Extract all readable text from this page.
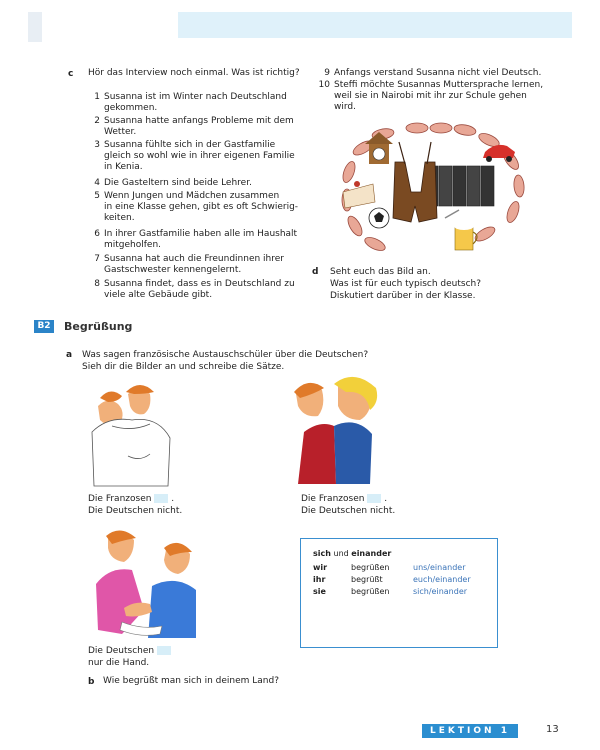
c Hör das Interview noch einmal. Was ist richtig?
1 Susanna ist im Winter nach Deutschland
gekommen.
2 Susanna hatte anfangs Probleme mit dem
Wetter.
3 Susanna fühlte sich in der Gastfamilie
gleich so wohl wie in ihrer eigenen Familie
in Kenia.
4 Die Gasteltern sind beide Lehrer.
5 Wenn Jungen und Mädchen zusammen
in eine Klasse gehen, gibt es oft Schwierig-
keiten.
6 In ihrer Gastfamilie haben alle im Haushalt
mitgeholfen.
7 Susanna hat auch die Freundinnen ihrer
Gastschwester kennengelernt.
8 Susanna findet, dass es in Deutschland zu
viele alte Gebäude gibt.
9 Anfangs verstand Susanna nicht viel Deutsch.
10 Steffi möchte Susannas Muttersprache lernen,
weil sie in Nairobi mit ihr zur Schule gehen
wird.
d Seht euch das Bild an.
Was ist für euch typisch deutsch?
Diskutiert darüber in der Klasse.
B2	Begrüßung
a Was sagen französische Austauschschüler über die Deutschen?
Sieh dir die Bilder an und schreibe die Sätze.
Die Franzosen .
Die Deutschen nicht.
Die Franzosen .
Die Deutschen nicht.
Die Deutschen
nur die Hand.
sich und einander
wir	begrüßen	uns/einander
ihr	begrüßt	euch/einander
sie	begrüßen	sich/einander
b Wie begrüßt man sich in deinem Land?
LEKTION 1	13
